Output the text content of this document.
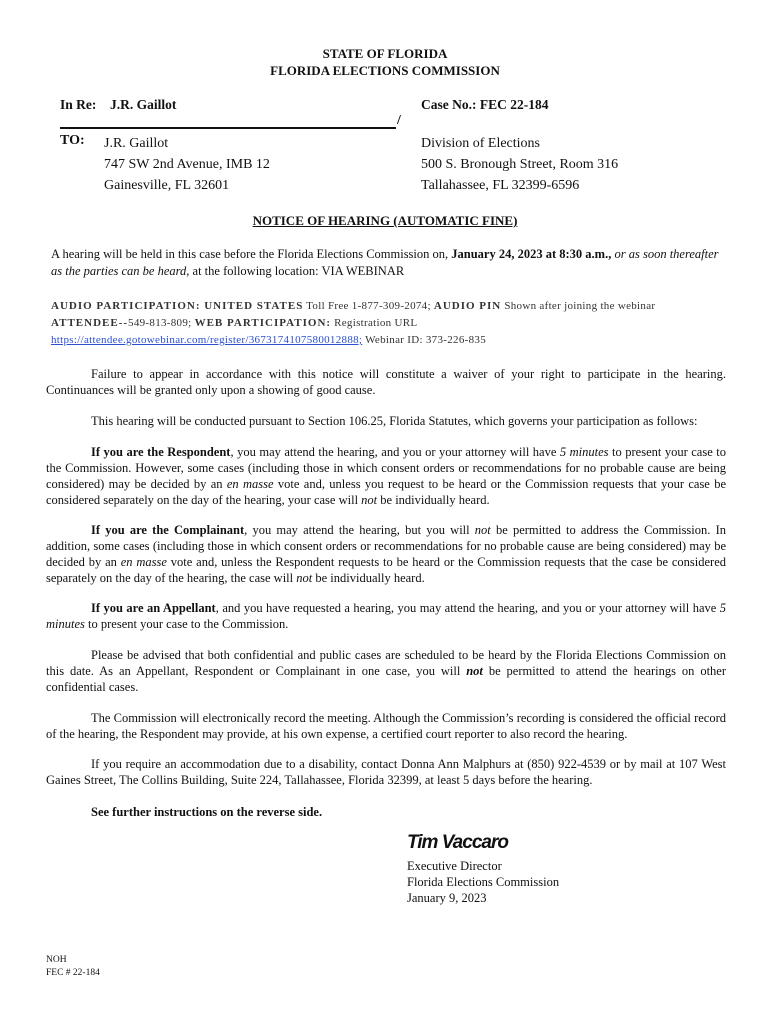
STATE OF FLORIDA
FLORIDA ELECTIONS COMMISSION
In Re: J.R. Gaillot	Case No.: FEC 22-184
/
TO: J.R. Gaillot
747 SW 2nd Avenue, IMB 12
Gainesville, FL 32601
Division of Elections
500 S. Bronough Street, Room 316
Tallahassee, FL 32399-6596
NOTICE OF HEARING (AUTOMATIC FINE)
A hearing will be held in this case before the Florida Elections Commission on, January 24, 2023 at 8:30 a.m., or as soon thereafter as the parties can be heard, at the following location: VIA WEBINAR
AUDIO PARTICIPATION: UNITED STATES Toll Free 1-877-309-2074; AUDIO PIN Shown after joining the webinar
ATTENDEE--549-813-809; WEB PARTICIPATION: Registration URL
https://attendee.gotowebinar.com/register/3673174107580012888; Webinar ID: 373-226-835
Failure to appear in accordance with this notice will constitute a waiver of your right to participate in the hearing. Continuances will be granted only upon a showing of good cause.
This hearing will be conducted pursuant to Section 106.25, Florida Statutes, which governs your participation as follows:
If you are the Respondent, you may attend the hearing, and you or your attorney will have 5 minutes to present your case to the Commission. However, some cases (including those in which consent orders or recommendations for no probable cause are being considered) may be decided by an en masse vote and, unless you request to be heard or the Commission requests that your case be considered separately on the day of the hearing, your case will not be individually heard.
If you are the Complainant, you may attend the hearing, but you will not be permitted to address the Commission. In addition, some cases (including those in which consent orders or recommendations for no probable cause are being considered) may be decided by an en masse vote and, unless the Respondent requests to be heard or the Commission requests that the case be considered separately on the day of the hearing, the case will not be individually heard.
If you are an Appellant, and you have requested a hearing, you may attend the hearing, and you or your attorney will have 5 minutes to present your case to the Commission.
Please be advised that both confidential and public cases are scheduled to be heard by the Florida Elections Commission on this date. As an Appellant, Respondent or Complainant in one case, you will not be permitted to attend the hearings on other confidential cases.
The Commission will electronically record the meeting. Although the Commission’s recording is considered the official record of the hearing, the Respondent may provide, at his own expense, a certified court reporter to also record the hearing.
If you require an accommodation due to a disability, contact Donna Ann Malphurs at (850) 922-4539 or by mail at 107 West Gaines Street, The Collins Building, Suite 224, Tallahassee, Florida 32399, at least 5 days before the hearing.
See further instructions on the reverse side.
Tim Vaccaro
Executive Director
Florida Elections Commission
January 9, 2023
NOH
FEC # 22-184
